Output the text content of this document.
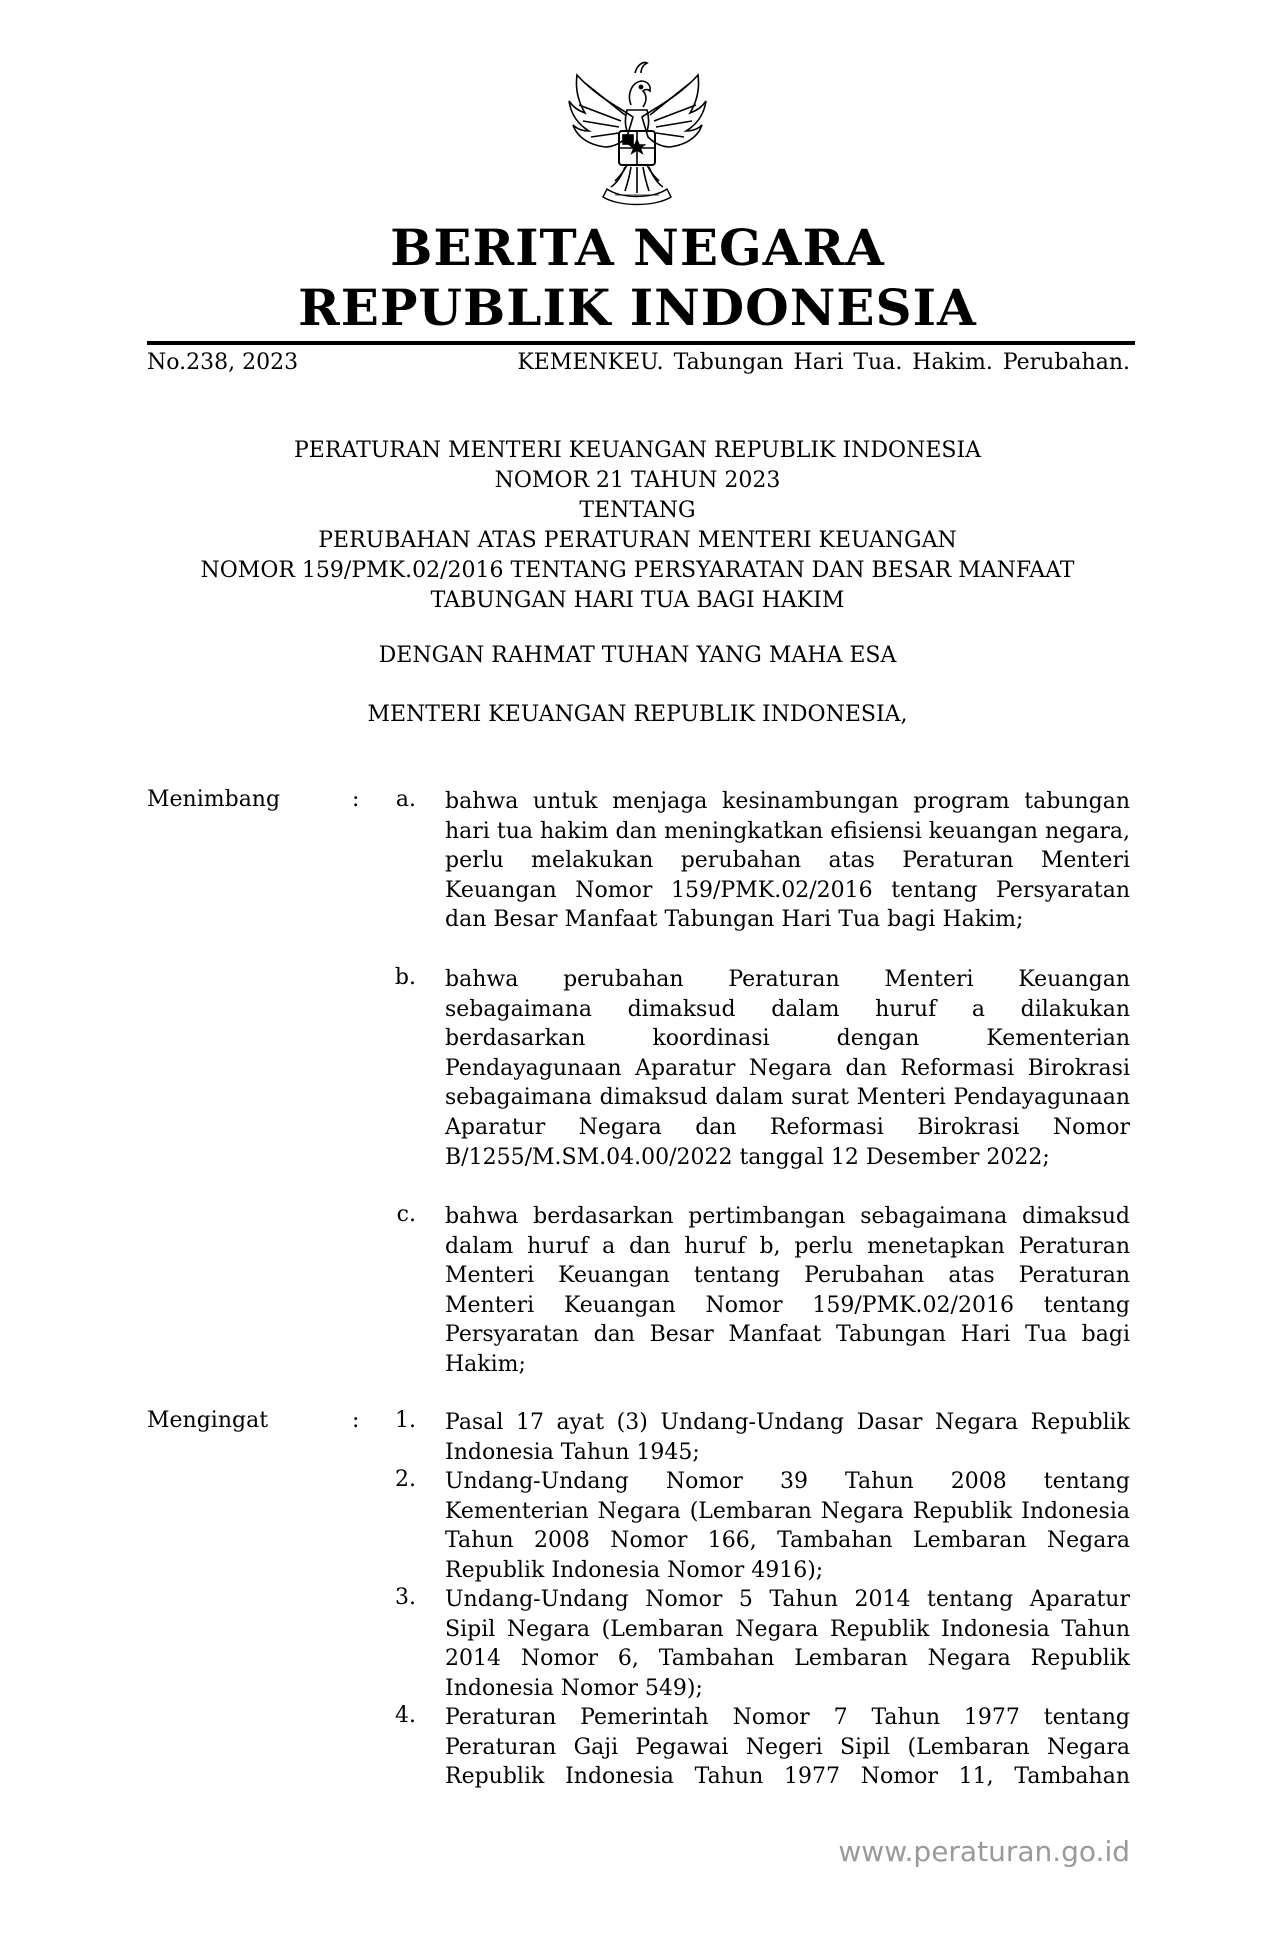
BERITA NEGARA
REPUBLIK INDONESIA
No.238, 2023	KEMENKEU. Tabungan Hari Tua. Hakim. Perubahan.
PERATURAN MENTERI KEUANGAN REPUBLIK INDONESIA
NOMOR 21 TAHUN 2023
TENTANG
PERUBAHAN ATAS PERATURAN MENTERI KEUANGAN
NOMOR 159/PMK.02/2016 TENTANG PERSYARATAN DAN BESAR MANFAAT
TABUNGAN HARI TUA BAGI HAKIM
DENGAN RAHMAT TUHAN YANG MAHA ESA
MENTERI KEUANGAN REPUBLIK INDONESIA,
Menimbang	:	a. bahwa untuk menjaga kesinambungan program tabungan hari tua hakim dan meningkatkan efisiensi keuangan negara, perlu melakukan perubahan atas Peraturan Menteri Keuangan Nomor 159/PMK.02/2016 tentang Persyaratan dan Besar Manfaat Tabungan Hari Tua bagi Hakim;
b. bahwa perubahan Peraturan Menteri Keuangan sebagaimana dimaksud dalam huruf a dilakukan berdasarkan koordinasi dengan Kementerian Pendayagunaan Aparatur Negara dan Reformasi Birokrasi sebagaimana dimaksud dalam surat Menteri Pendayagunaan Aparatur Negara dan Reformasi Birokrasi Nomor B/1255/M.SM.04.00/2022 tanggal 12 Desember 2022;
c. bahwa berdasarkan pertimbangan sebagaimana dimaksud dalam huruf a dan huruf b, perlu menetapkan Peraturan Menteri Keuangan tentang Perubahan atas Peraturan Menteri Keuangan Nomor 159/PMK.02/2016 tentang Persyaratan dan Besar Manfaat Tabungan Hari Tua bagi Hakim;
Mengingat	:	1. Pasal 17 ayat (3) Undang-Undang Dasar Negara Republik Indonesia Tahun 1945;
2. Undang-Undang Nomor 39 Tahun 2008 tentang Kementerian Negara (Lembaran Negara Republik Indonesia Tahun 2008 Nomor 166, Tambahan Lembaran Negara Republik Indonesia Nomor 4916);
3. Undang-Undang Nomor 5 Tahun 2014 tentang Aparatur Sipil Negara (Lembaran Negara Republik Indonesia Tahun 2014 Nomor 6, Tambahan Lembaran Negara Republik Indonesia Nomor 549);
4. Peraturan Pemerintah Nomor 7 Tahun 1977 tentang Peraturan Gaji Pegawai Negeri Sipil (Lembaran Negara Republik Indonesia Tahun 1977 Nomor 11, Tambahan
www.peraturan.go.id
